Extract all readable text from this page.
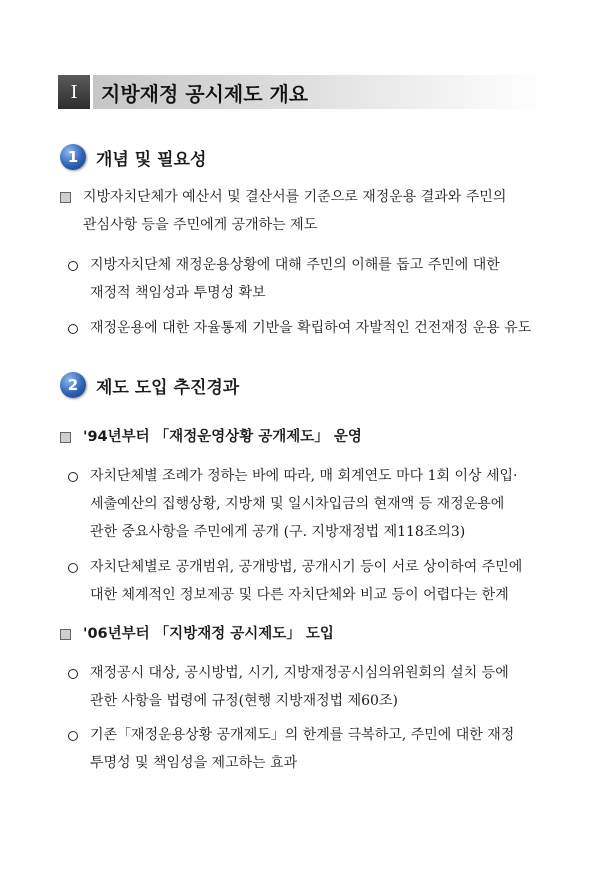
Ⅰ 지방재정 공시제도 개요
1 개념 및 필요성
지방자치단체가 예산서 및 결산서를 기준으로 재정운용 결과와 주민의
관심사항 등을 주민에게 공개하는 제도
지방자치단체 재정운용상황에 대해 주민의 이해를 돕고 주민에 대한
재정적 책임성과 투명성 확보
재정운용에 대한 자율통제 기반을 확립하여 자발적인 건전재정 운용 유도
2 제도 도입 추진경과
'94년부터 「재정운영상황 공개제도」 운영
자치단체별 조례가 정하는 바에 따라, 매 회계연도 마다 1회 이상 세입·
세출예산의 집행상황, 지방채 및 일시차입금의 현재액 등 재정운용에
관한 중요사항을 주민에게 공개 (구. 지방재정법 제118조의3)
자치단체별로 공개범위, 공개방법, 공개시기 등이 서로 상이하여 주민에
대한 체계적인 정보제공 및 다른 자치단체와 비교 등이 어렵다는 한계
'06년부터 「지방재정 공시제도」 도입
재정공시 대상, 공시방법, 시기, 지방재정공시심의위원회의 설치 등에
관한 사항을 법령에 규정(현행 지방재정법 제60조)
기존「재정운용상황 공개제도」의 한계를 극복하고, 주민에 대한 재정
투명성 및 책임성을 제고하는 효과
